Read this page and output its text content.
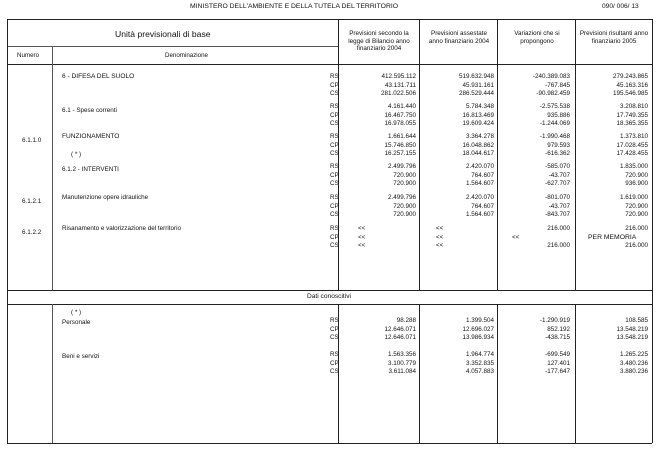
MINISTERO DELL'AMBIENTE E DELLA TUTELA DEL TERRITORIO	090/ 006/ 13
Unità previsionali di base
Numero	Denominazione
Previsioni secondo la legge di Bilancio anno finanziario 2004
Previsioni assestate anno finanziario 2004
Variazioni che si propongono
Previsioni risultanti anno finanziario 2005
6 - DIFESA DEL SUOLO	RS	412.595.112	519.632.948	-240.389.083	279.243.865
CP	43.131.711	45.931.161	-767.845	45.163.316
CS	281.022.506	286.529.444	-90.982.459	195.546.985
6.1 - Spese correnti
RS	4.161.440	5.784.348	-2.575.538	3.208.810
CP	16.467.750	16.813.469	935.886	17.749.355
CS	16.978.055	19.609.424	-1.244.069	18.365.355
6.1.1.0
FUNZIONAMENTO	RS	1.661.644	3.364.278	-1.990.468	1.373.810
CP	15.746.850	16.048.862	979.593	17.028.455
CS	16.257.155	18.044.617	-616.362	17.428.455
( * )
6.1.2 - INTERVENTI	RS	2.499.796	2.420.070	-585.070	1.835.000
CP	720.900	764.607	-43.707	720.900
CS	720.900	1.564.607	-627.707	936.900
6.1.2.1
Manutenzione opere idrauliche	RS	2.499.796	2.420.070	-801.070	1.619.000
CP	720.900	764.607	-43.707	720.900
CS	720.900	1.564.607	-843.707	720.900
6.1.2.2
Risanamento e valorizzazione del territorio	RS	<<	<<	216.000	216.000
CP	<<	<<	<<	PER MEMORIA
CS	<<	<<	216.000	216.000
Dati conoscitivi
( * )
Personale	RS	98.288	1.399.504	-1.290.919	108.585
CP	12.646.071	12.696.027	852.192	13.548.219
CS	12.646.071	13.986.934	-438.715	13.548.219
Beni e servizi	RS	1.563.356	1.964.774	-699.549	1.265.225
CP	3.100.779	3.352.835	127.401	3.480.236
CS	3.611.084	4.057.883	-177.647	3.880.236
